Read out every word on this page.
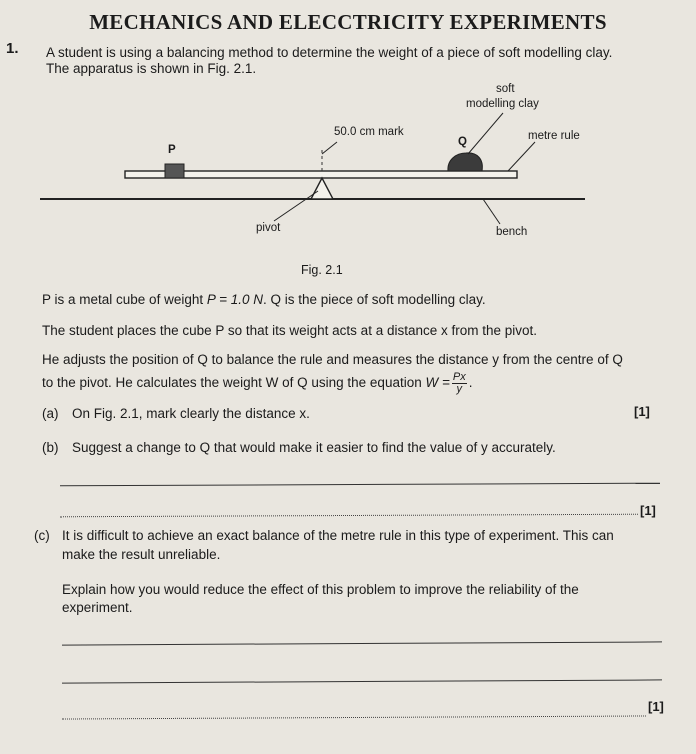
MECHANICS AND ELECCTRICITY EXPERIMENTS
1. A student is using a balancing method to determine the weight of a piece of soft modelling clay.
The apparatus is shown in Fig. 2.1.
soft
modelling clay
50.0 cm mark
Q
P
metre rule
pivot	bench
Fig. 2.1
P is a metal cube of weight P = 1.0 N. Q is the piece of soft modelling clay.
The student places the cube P so that its weight acts at a distance x from the pivot.
He adjusts the position of Q to balance the rule and measures the distance y from the centre of Q
to the pivot. He calculates the weight W of Q using the equation $W = \frac{Px}{y}$ .
(a) On Fig. 2.1, mark clearly the distance x.	[1]
(b) Suggest a change to Q that would make it easier to find the value of y accurately.
[1]
(c) It is difficult to achieve an exact balance of the metre rule in this type of experiment. This can
make the result unreliable.
Explain how you would reduce the effect of this problem to improve the reliability of the
experiment.
[1]
